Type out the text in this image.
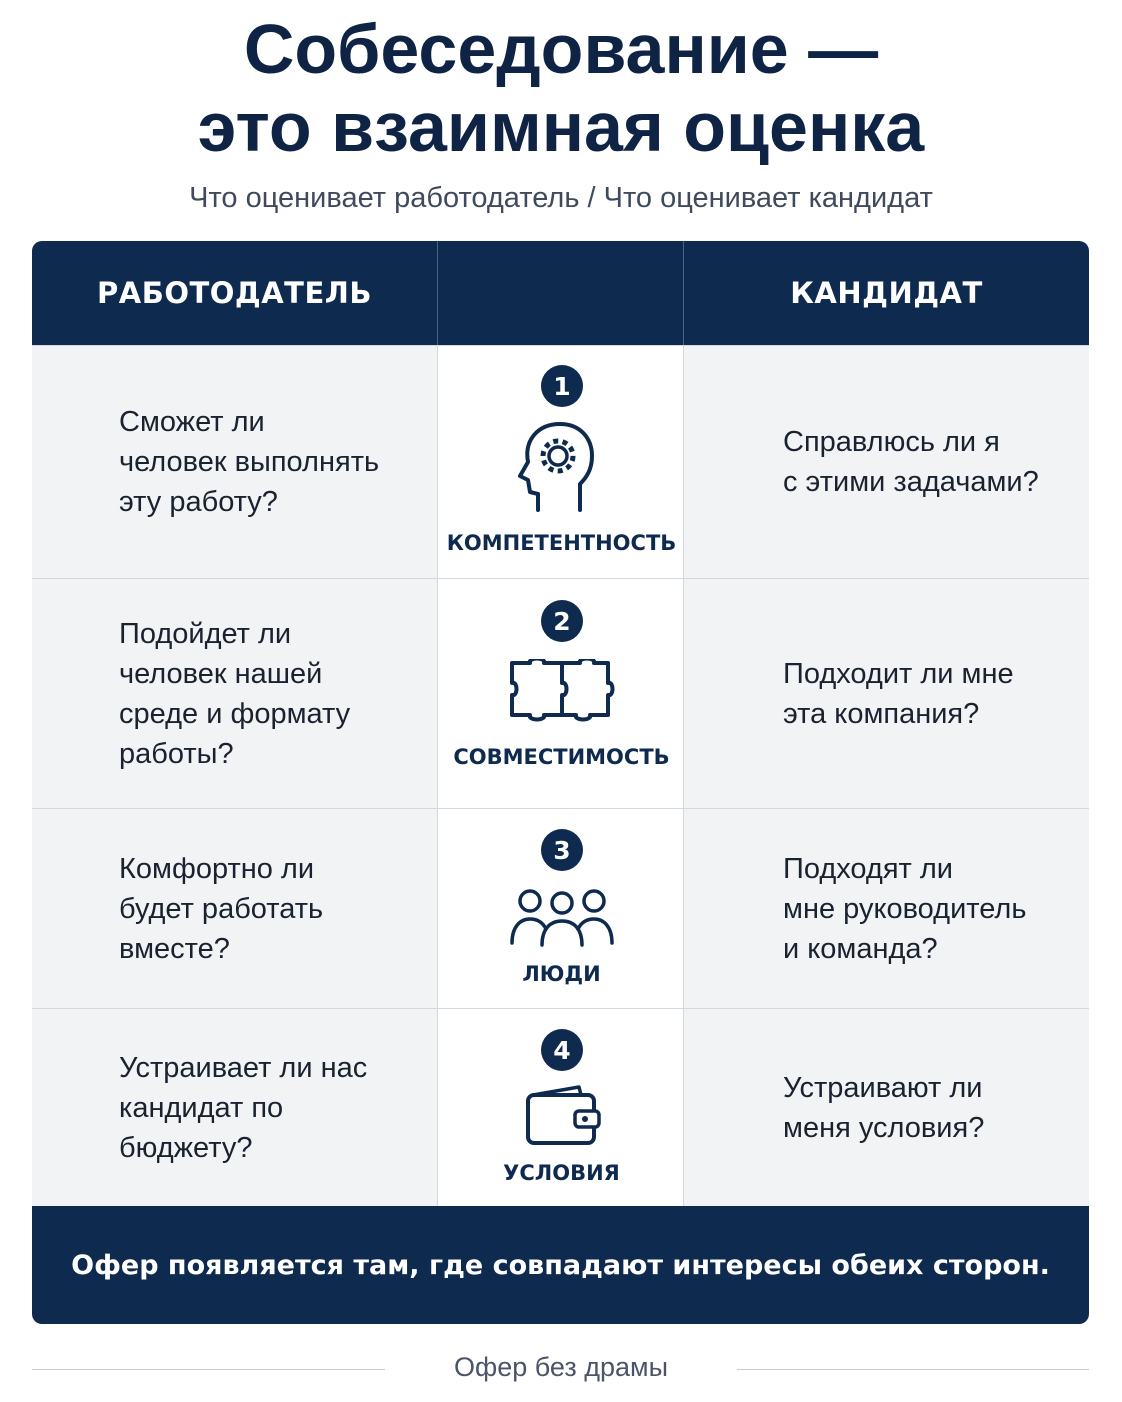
Собеседование —
это взаимная оценка
Что оценивает работодатель / Что оценивает кандидат
РАБОТОДАТЕЛЬ	КАНДИДАТ

Сможет ли
человек выполнять
эту работу?

1
КОМПЕТЕНТНОСТЬ

Справлюсь ли я
с этими задачами?

Подойдет ли
человек нашей
среде и формату
работы?

2
СОВМЕСТИМОСТЬ

Подходит ли мне
эта компания?

Комфортно ли
будет работать
вместе?

3
ЛЮДИ

Подходят ли
мне руководитель
и команда?

Устраивает ли нас
кандидат по
бюджету?

4
УСЛОВИЯ

Устраивают ли
меня условия?

Офер появляется там, где совпадают интересы обеих сторон.
Офер без драмы
